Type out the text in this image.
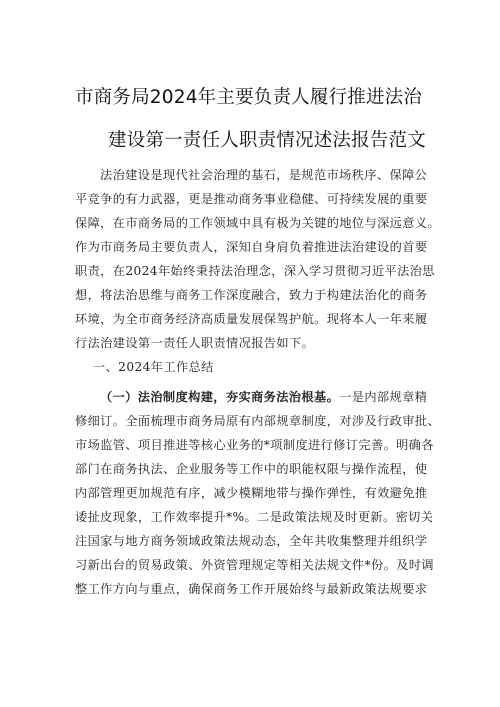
市商务局2024年主要负责人履行推进法治
建设第一责任人职责情况述法报告范文
法治建设是现代社会治理的基石，是规范市场秩序、保障公
平竞争的有力武器，更是推动商务事业稳健、可持续发展的重要
保障，在市商务局的工作领域中具有极为关键的地位与深远意义。
作为市商务局主要负责人，深知自身肩负着推进法治建设的首要
职责，在2024年始终秉持法治理念，深入学习贯彻习近平法治思
想，将法治思维与商务工作深度融合，致力于构建法治化的商务
环境，为全市商务经济高质量发展保驾护航。现将本人一年来履
行法治建设第一责任人职责情况报告如下。
一、2024年工作总结
（一）法治制度构建，夯实商务法治根基。一是内部规章精
修细订。全面梳理市商务局原有内部规章制度，对涉及行政审批、
市场监管、项目推进等核心业务的*项制度进行修订完善。明确各
部门在商务执法、企业服务等工作中的职能权限与操作流程，使
内部管理更加规范有序，减少模糊地带与操作弹性，有效避免推
诿扯皮现象，工作效率提升*%。二是政策法规及时更新。密切关
注国家与地方商务领域政策法规动态，全年共收集整理并组织学
习新出台的贸易政策、外资管理规定等相关法规文件*份。及时调
整工作方向与重点，确保商务工作开展始终与最新政策法规要求
